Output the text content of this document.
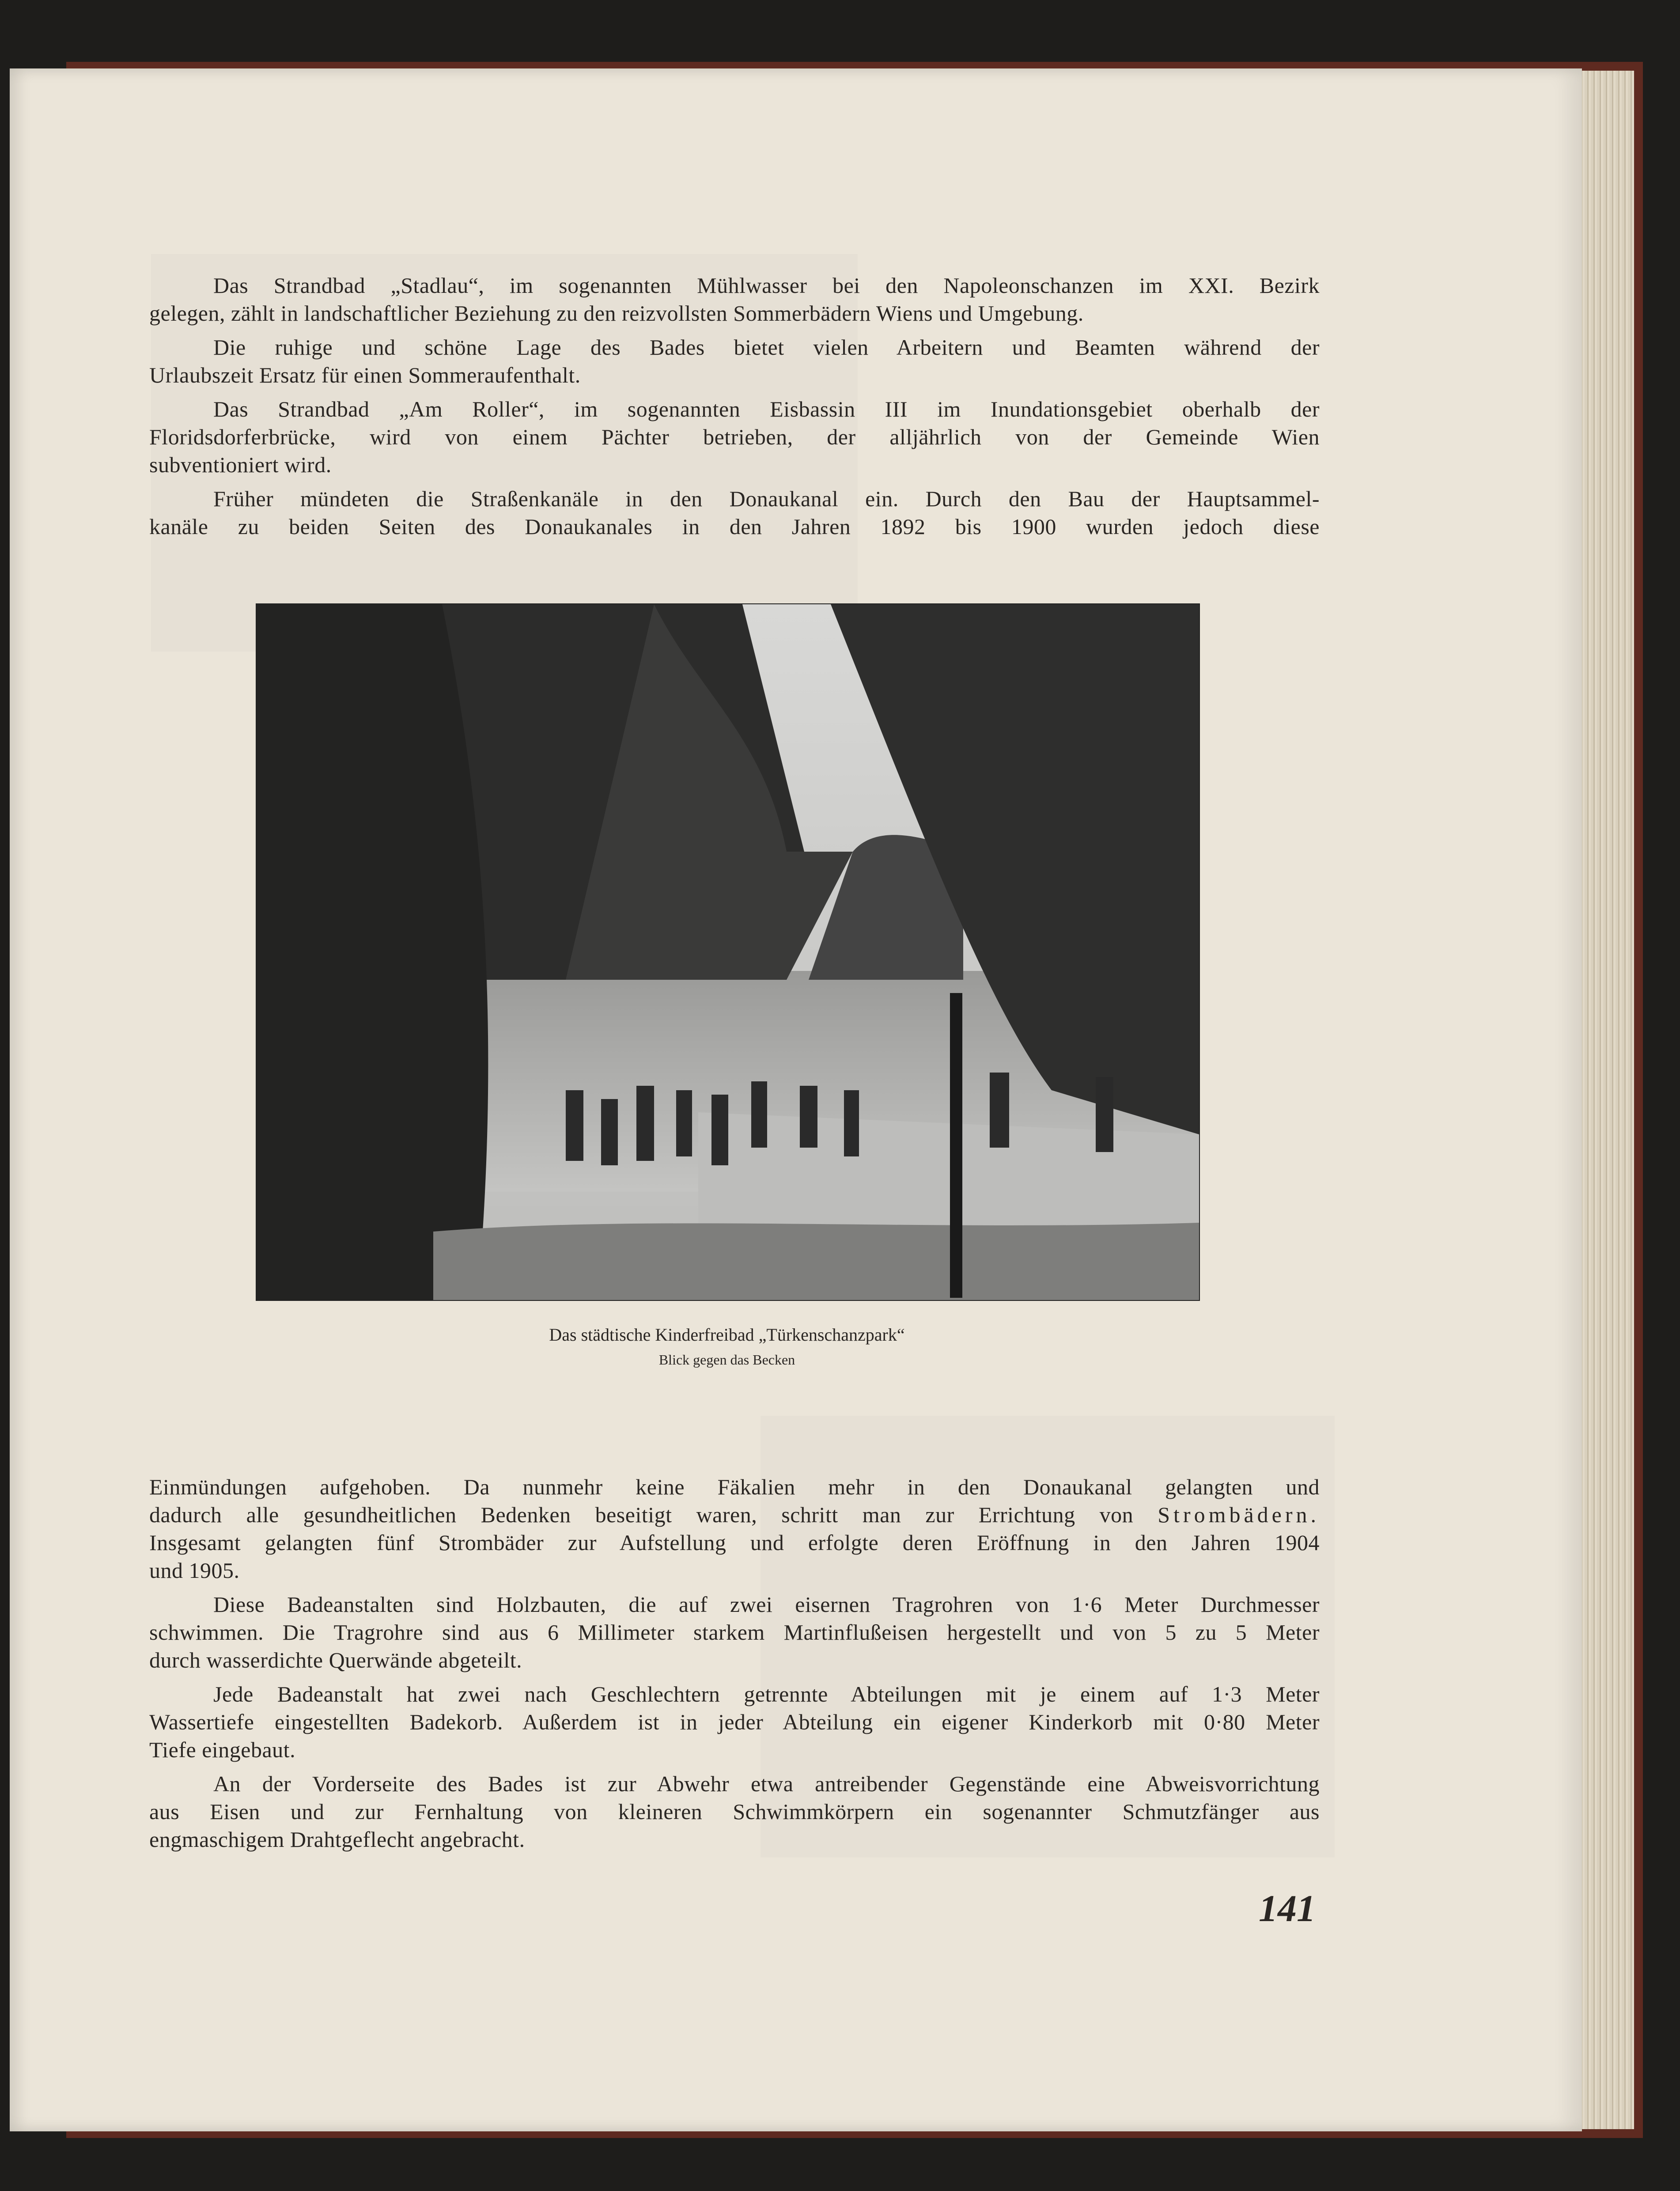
Das Strandbad „Stadlau“, im sogenannten Mühlwasser bei den Napoleonschanzen im XXI. Bezirk
gelegen, zählt in landschaftlicher Beziehung zu den reizvollsten Sommerbädern Wiens und Umgebung.
Die ruhige und schöne Lage des Bades bietet vielen Arbeitern und Beamten während der
Urlaubszeit Ersatz für einen Sommeraufenthalt.
Das Strandbad „Am Roller“, im sogenannten Eisbassin III im Inundationsgebiet oberhalb der
Floridsdorferbrücke, wird von einem Pächter betrieben, der alljährlich von der Gemeinde Wien
subventioniert wird.
Früher mündeten die Straßenkanäle in den Donaukanal ein. Durch den Bau der Hauptsammel-
kanäle zu beiden Seiten des Donaukanales in den Jahren 1892 bis 1900 wurden jedoch diese
Das städtische Kinderfreibad „Türkenschanzpark“
Blick gegen das Becken
Einmündungen aufgehoben. Da nunmehr keine Fäkalien mehr in den Donaukanal gelangten und
dadurch alle gesundheitlichen Bedenken beseitigt waren, schritt man zur Errichtung von Strombädern.
Insgesamt gelangten fünf Strombäder zur Aufstellung und erfolgte deren Eröffnung in den Jahren 1904
und 1905.
Diese Badeanstalten sind Holzbauten, die auf zwei eisernen Tragrohren von 1·6 Meter Durchmesser
schwimmen. Die Tragrohre sind aus 6 Millimeter starkem Martinflußeisen hergestellt und von 5 zu 5 Meter
durch wasserdichte Querwände abgeteilt.
Jede Badeanstalt hat zwei nach Geschlechtern getrennte Abteilungen mit je einem auf 1·3 Meter
Wassertiefe eingestellten Badekorb. Außerdem ist in jeder Abteilung ein eigener Kinderkorb mit 0·80 Meter
Tiefe eingebaut.
An der Vorderseite des Bades ist zur Abwehr etwa antreibender Gegenstände eine Abweisvorrichtung
aus Eisen und zur Fernhaltung von kleineren Schwimmkörpern ein sogenannter Schmutzfänger aus
engmaschigem Drahtgeflecht angebracht.
141
